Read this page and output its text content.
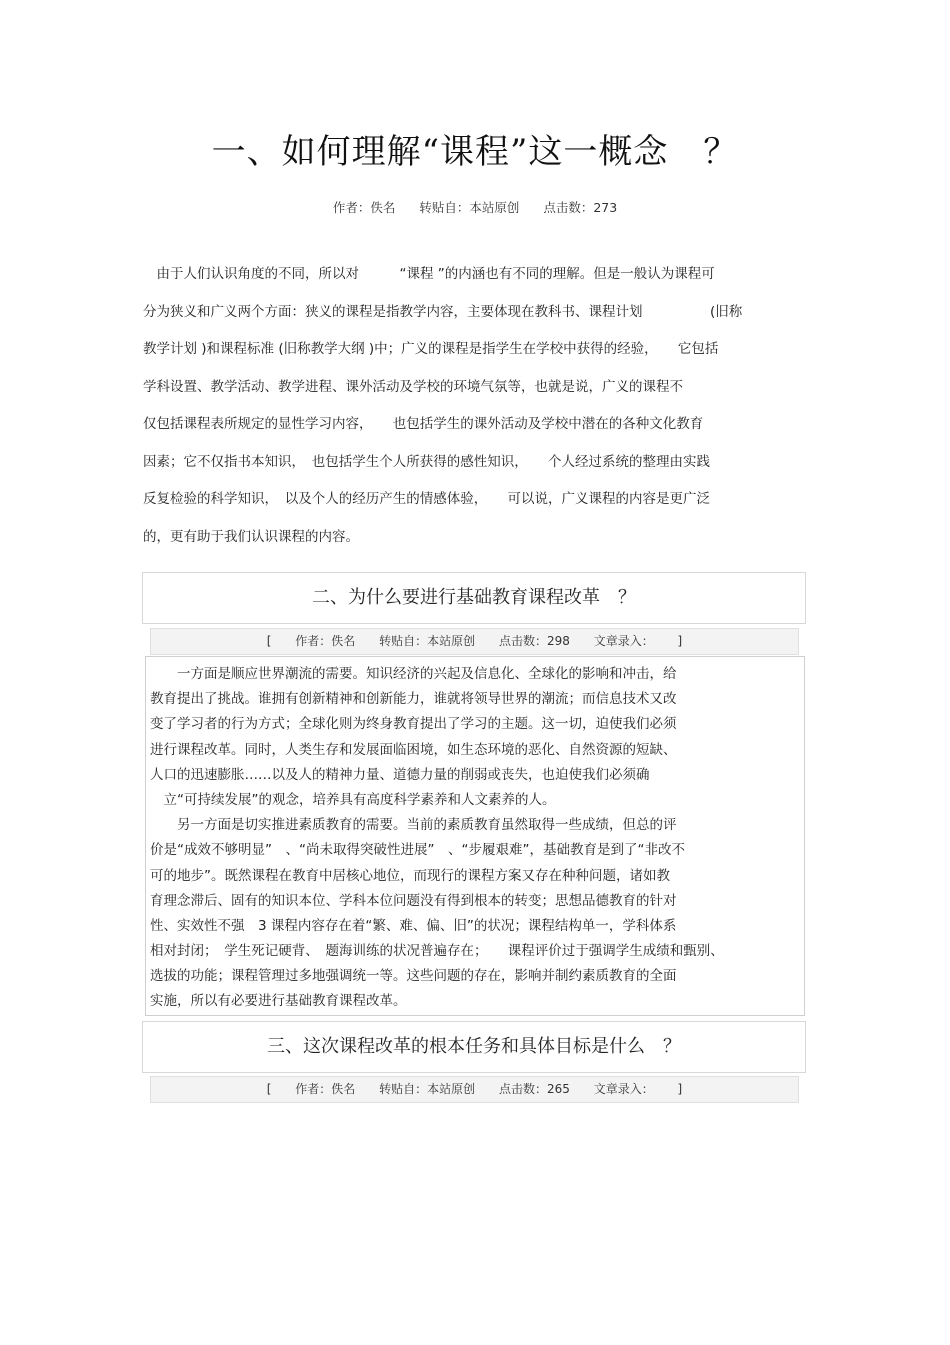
一、如何理解“课程”这一概念　？
作者：佚名 转贴自：本站原创 点击数：273
　由于人们认识角度的不同，所以对　　　“课程 ”的内涵也有不同的理解。但是一般认为课程可
分为狭义和广义两个方面：狭义的课程是指教学内容，主要体现在教科书、课程计划　　　　　(旧称
教学计划 )和课程标准 (旧称教学大纲 )中；广义的课程是指学生在学校中获得的经验，　　它包括
学科设置、教学活动、教学进程、课外活动及学校的环境气氛等，也就是说，广义的课程不
仅包括课程表所规定的显性学习内容，　　也包括学生的课外活动及学校中潜在的各种文化教育
因素；它不仅指书本知识，　也包括学生个人所获得的感性知识，　　个人经过系统的整理由实践
反复检验的科学知识，　以及个人的经历产生的情感体验，　　可以说，广义课程的内容是更广泛
的，更有助于我们认识课程的内容。
二、为什么要进行基础教育课程改革　？
[ 作者：佚名 转贴自：本站原创 点击数：298 文章录入： ]
　　一方面是顺应世界潮流的需要。知识经济的兴起及信息化、全球化的影响和冲击，给
教育提出了挑战。谁拥有创新精神和创新能力，谁就将领导世界的潮流；而信息技术又改
变了学习者的行为方式；全球化则为终身教育提出了学习的主题。这一切，迫使我们必须
进行课程改革。同时，人类生存和发展面临困境，如生态环境的恶化、自然资源的短缺、
人口的迅速膨胀……以及人的精神力量、道德力量的削弱或丧失，也迫使我们必须确
　立“可持续发展”的观念，培养具有高度科学素养和人文素养的人。
　　另一方面是切实推进素质教育的需要。当前的素质教育虽然取得一些成绩，但总的评
价是“成效不够明显”　、“尚未取得突破性进展”　、“步履艰难”，基础教育是到了“非改不
可的地步”。既然课程在教育中居核心地位，而现行的课程方案又存在种种问题，诸如教
育理念滞后、固有的知识本位、学科本位问题没有得到根本的转变；思想品德教育的针对
性、实效性不强　3 课程内容存在着“繁、难、偏、旧”的状况；课程结构单一，学科体系
相对封闭；　学生死记硬背、　题海训练的状况普遍存在；　　课程评价过于强调学生成绩和甄别、
选拔的功能；课程管理过多地强调统一等。这些问题的存在，影响并制约素质教育的全面
实施，所以有必要进行基础教育课程改革。
三、这次课程改革的根本任务和具体目标是什么　？
[ 作者：佚名 转贴自：本站原创 点击数：265 文章录入： ]
